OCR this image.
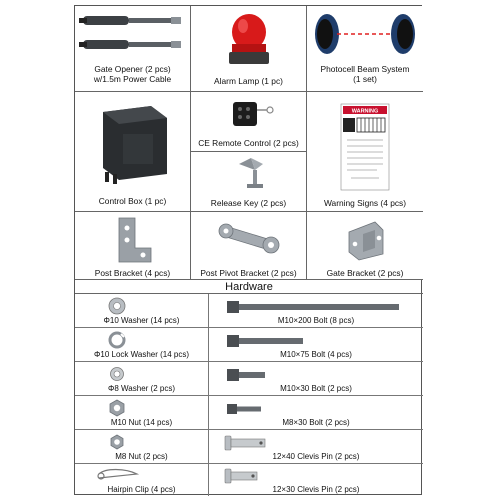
Gate Opener (2 pcs)
w/1.5m Power Cable	Alarm Lamp (1 pc)
Photocell Beam System
(1 set)
Control Box (1 pc)
CE Remote Control (2 pcs)
Release Key (2 pcs)
WARNING
Warning Signs (4 pcs)
Post Bracket (4 pcs)	Post Pivot Bracket (2 pcs)	Gate Bracket (2 pcs)
Hardware
Φ10 Washer (14 pcs)	M10×200 Bolt (8 pcs)
Φ10 Lock Washer (14 pcs)	M10×75 Bolt (4 pcs)
Φ8 Washer (2 pcs)	M10×30 Bolt (2 pcs)
M10 Nut (14 pcs)	M8×30 Bolt (2 pcs)
M8 Nut (2 pcs)	12×40 Clevis Pin (2 pcs)
Hairpin Clip (4 pcs)	12×30 Clevis Pin (2 pcs)
